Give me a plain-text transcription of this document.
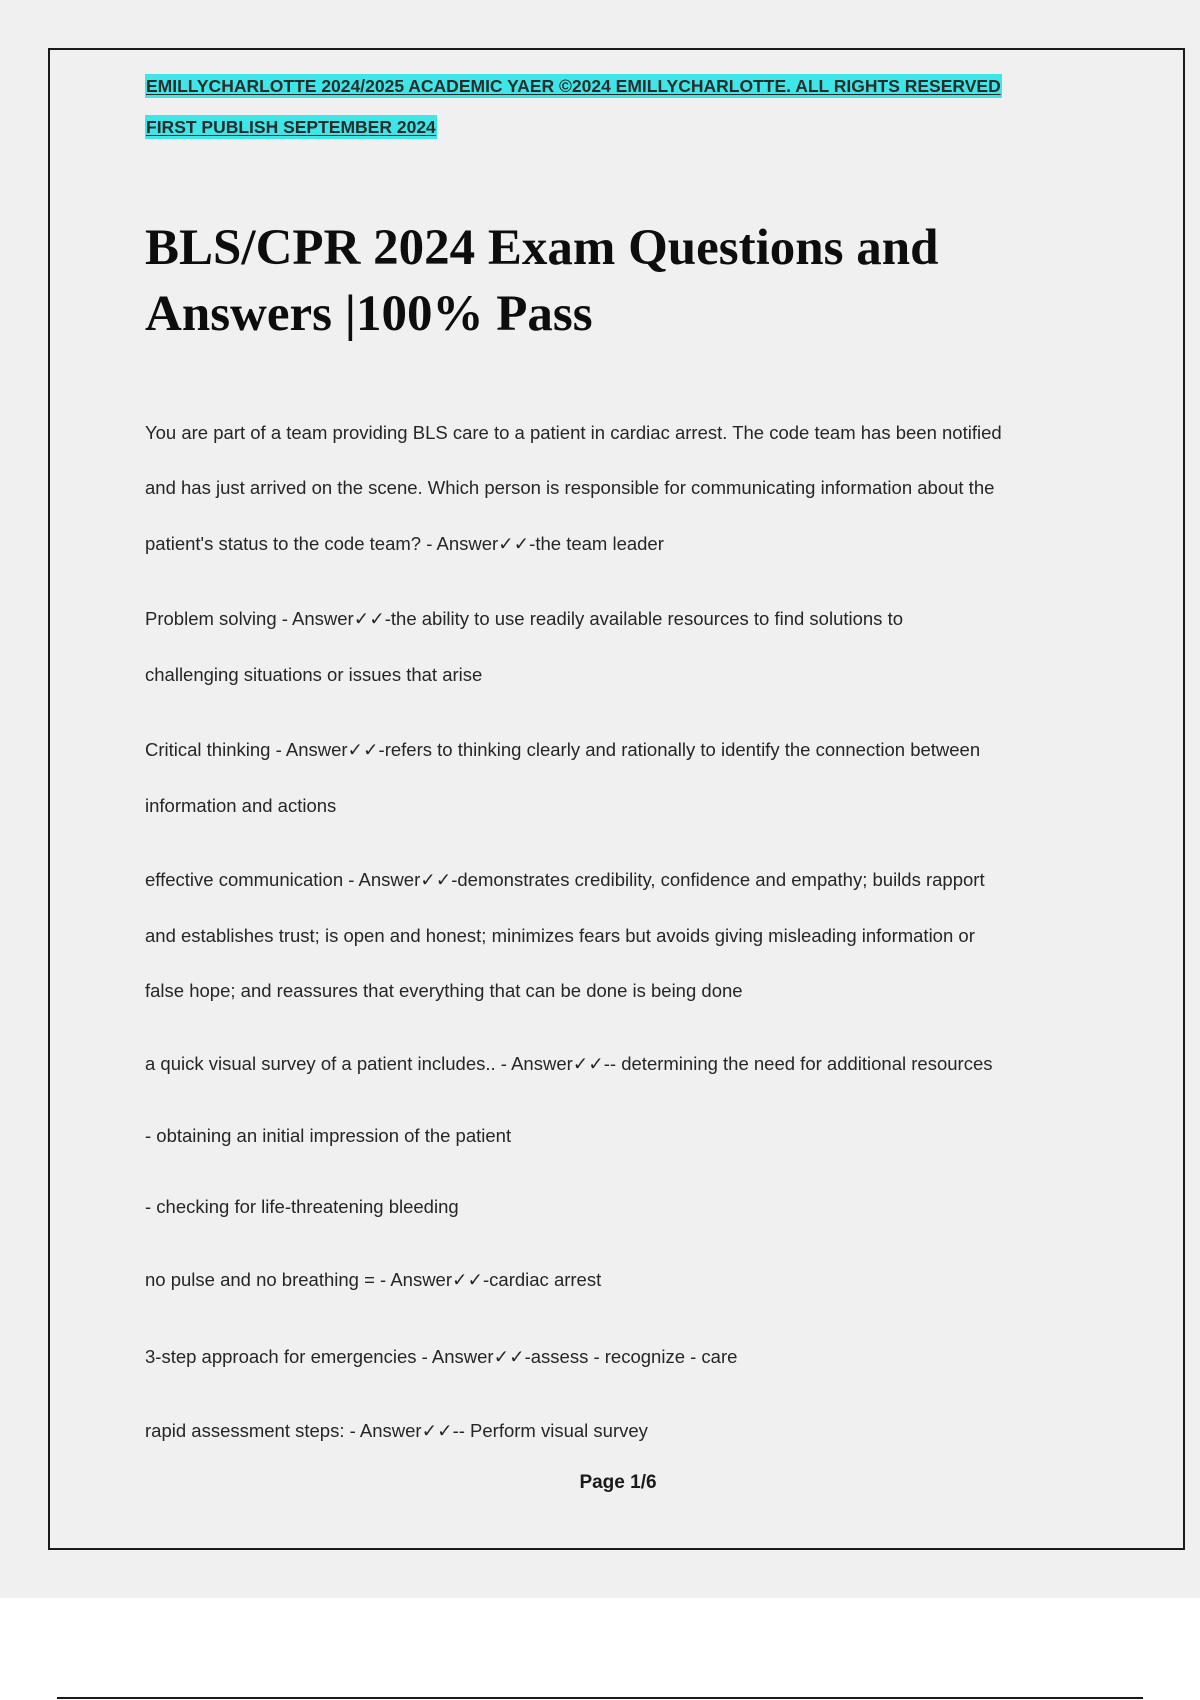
EMILLYCHARLOTTE 2024/2025 ACADEMIC YAER ©2024 EMILLYCHARLOTTE. ALL RIGHTS RESERVED
FIRST PUBLISH SEPTEMBER 2024
BLS/CPR 2024 Exam Questions and
Answers |100% Pass

You are part of a team providing BLS care to a patient in cardiac arrest. The code team has been notified

and has just arrived on the scene. Which person is responsible for communicating information about the

patient's status to the code team? - Answer✓✓-the team leader

Problem solving - Answer✓✓-the ability to use readily available resources to find solutions to

challenging situations or issues that arise

Critical thinking - Answer✓✓-refers to thinking clearly and rationally to identify the connection between

information and actions

effective communication - Answer✓✓-demonstrates credibility, confidence and empathy; builds rapport

and establishes trust; is open and honest; minimizes fears but avoids giving misleading information or

false hope; and reassures that everything that can be done is being done

a quick visual survey of a patient includes.. - Answer✓✓-- determining the need for additional resources

- obtaining an initial impression of the patient

- checking for life-threatening bleeding

no pulse and no breathing = - Answer✓✓-cardiac arrest

3-step approach for emergencies - Answer✓✓-assess - recognize - care

rapid assessment steps: - Answer✓✓-- Perform visual survey

Page 1/6
